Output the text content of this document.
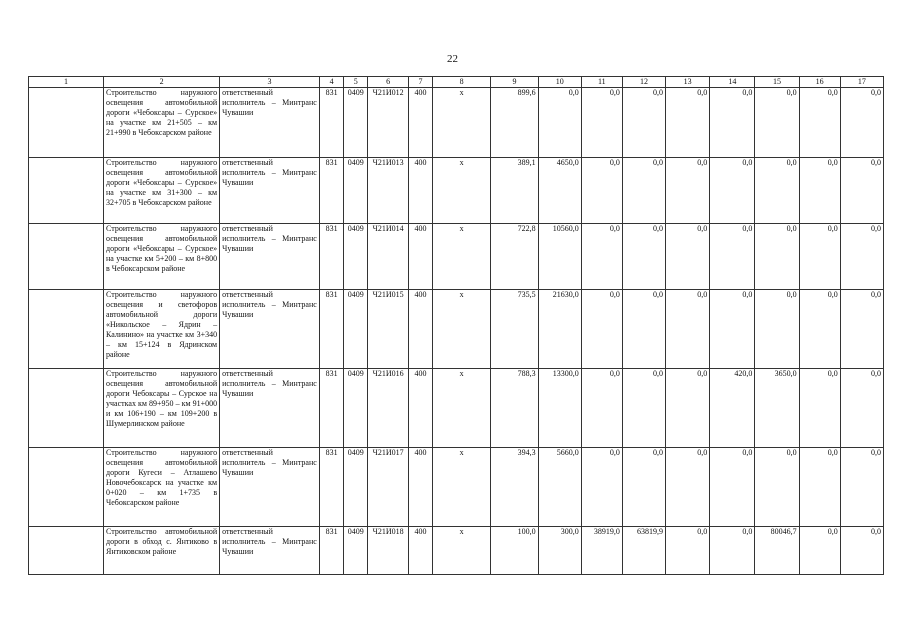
22
1	2	3	4	5	6	7	8	9	10	11	12	13	14	15	16	17
	Строительство наружного освещения автомобильной дороги «Чебоксары – Сурское» на участке км 21+505 – км 21+990 в Чебоксарском районе	ответственный исполнитель – Минтранс Чувашии	831	0409	Ч21И012	400	х	899,6	0,0	0,0	0,0	0,0	0,0	0,0	0,0	0,0
	Строительство наружного освещения автомобильной дороги «Чебоксары – Сурское» на участке км 31+300 – км 32+705 в Чебоксарском районе	ответственный исполнитель – Минтранс Чувашии	831	0409	Ч21И013	400	х	389,1	4650,0	0,0	0,0	0,0	0,0	0,0	0,0	0,0
	Строительство наружного освещения автомобильной дороги «Чебоксары – Сурское» на участке км 5+200 – км 8+800 в Чебоксарском районе	ответственный исполнитель – Минтранс Чувашии	831	0409	Ч21И014	400	х	722,8	10560,0	0,0	0,0	0,0	0,0	0,0	0,0	0,0
	Строительство наружного освещения и светофоров автомобильной дороги «Никольское – Ядрин – Калинино» на участке км 3+340 – км 15+124 в Ядринском районе	ответственный исполнитель – Минтранс Чувашии	831	0409	Ч21И015	400	х	735,5	21630,0	0,0	0,0	0,0	0,0	0,0	0,0	0,0
	Строительство наружного освещения автомобильной дороги Чебоксары – Сурское на участках км 89+950 – км 91+000 и км 106+190 – км 109+200 в Шумерлинском районе	ответственный исполнитель – Минтранс Чувашии	831	0409	Ч21И016	400	х	788,3	13300,0	0,0	0,0	0,0	420,0	3650,0	0,0	0,0
	Строительство наружного освещения автомобильной дороги Кугеси – Атлашево Новочебоксарск на участке км 0+020 – км 1+735 в Чебоксарском районе	ответственный исполнитель – Минтранс Чувашии	831	0409	Ч21И017	400	х	394,3	5660,0	0,0	0,0	0,0	0,0	0,0	0,0	0,0
	Строительство автомобильной дороги в обход с. Янтиково в Янтиковском районе	ответственный исполнитель – Минтранс Чувашии	831	0409	Ч21И018	400	х	100,0	300,0	38919,0	63819,9	0,0	0,0	80046,7	0,0	0,0
